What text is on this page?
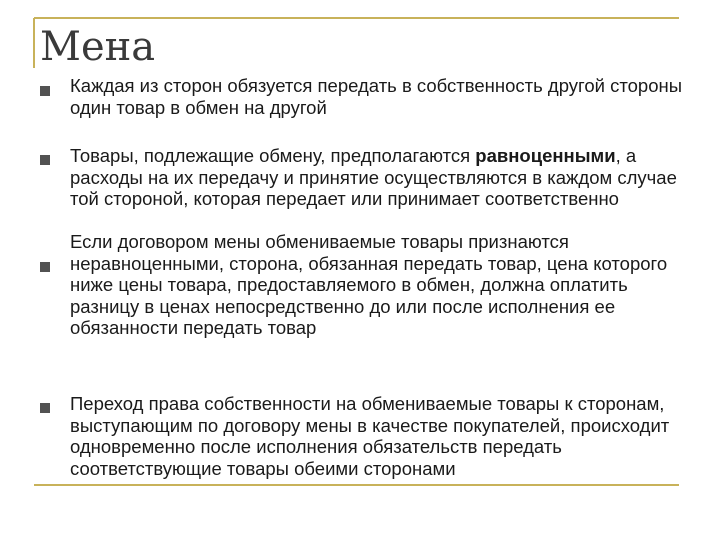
Мена

Каждая из сторон обязуется передать в собственность другой стороны один товар в обмен на другой

Товары, подлежащие обмену, предполагаются равноценными, а расходы на их передачу и принятие осуществляются в каждом случае той стороной, которая передает или принимает соответственно

Если договором мены обмениваемые товары признаются неравноценными, сторона, обязанная передать товар, цена которого ниже цены товара, предоставляемого в обмен, должна оплатить разницу в ценах непосредственно до или после исполнения ее обязанности передать товар

Переход права собственности на обмениваемые товары к сторонам, выступающим по договору мены в качестве покупателей, происходит одновременно после исполнения обязательств передать соответствующие товары обеими сторонами
